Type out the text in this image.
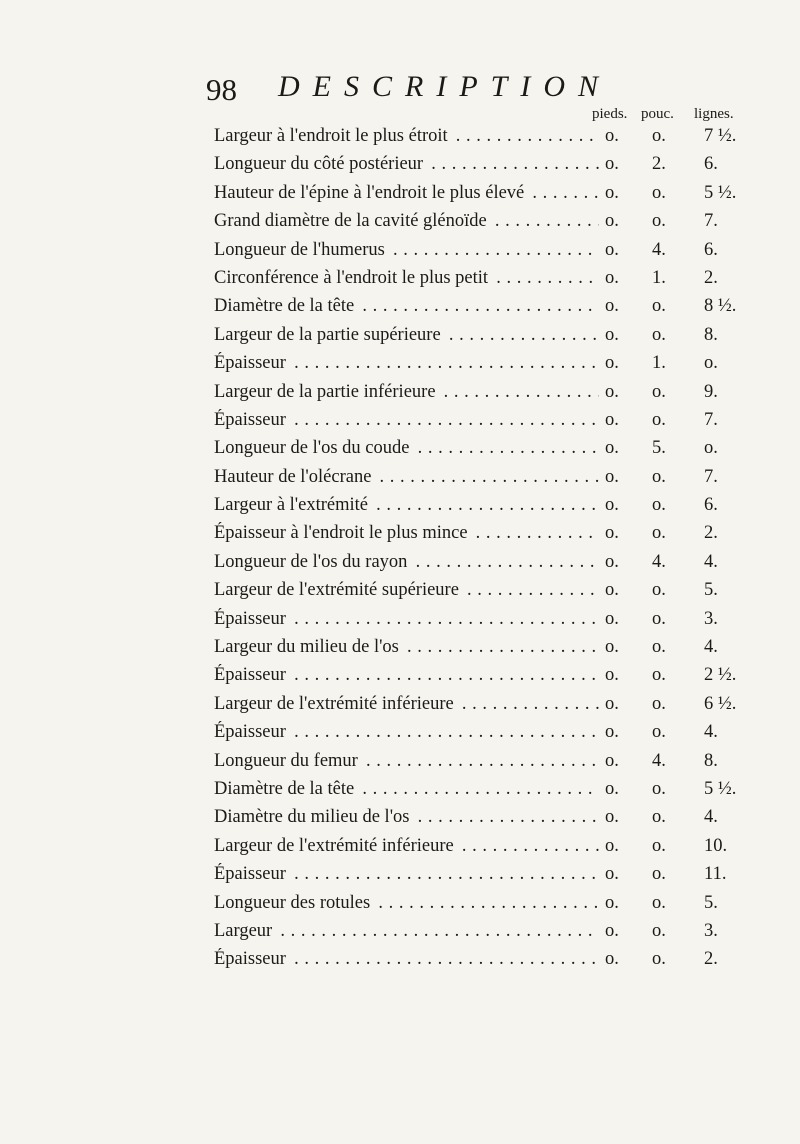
98 DESCRIPTION
pieds. pouc. lignes.
Largeur à l'endroit le plus étroit . . .	o. o. 7 ½.
Longueur du côté postérieur . . .	o. 2. 6.
Hauteur de l'épine à l'endroit le plus élevé . . .	o. o. 5 ½.
Grand diamètre de la cavité glénoïde . . .	o. o. 7.
Longueur de l'humerus . . .	o. 4. 6.
Circonférence à l'endroit le plus petit . . .	o. 1. 2.
Diamètre de la tête . . .	o. o. 8 ½.
Largeur de la partie supérieure . . .	o. o. 8.
Épaisseur . . .	o. 1. o.
Largeur de la partie inférieure . . .	o. o. 9.
Épaisseur . . .	o. o. 7.
Longueur de l'os du coude . . .	o. 5. o.
Hauteur de l'olécrane . . .	o. o. 7.
Largeur à l'extrémité . . .	o. o. 6.
Épaisseur à l'endroit le plus mince . . .	o. o. 2.
Longueur de l'os du rayon . . .	o. 4. 4.
Largeur de l'extrémité supérieure . . .	o. o. 5.
Épaisseur . . .	o. o. 3.
Largeur du milieu de l'os . . .	o. o. 4.
Épaisseur . . .	o. o. 2 ½.
Largeur de l'extrémité inférieure . . .	o. o. 6 ½.
Épaisseur . . .	o. o. 4.
Longueur du femur . . .	o. 4. 8.
Diamètre de la tête . . .	o. o. 5 ½.
Diamètre du milieu de l'os . . .	o. o. 4.
Largeur de l'extrémité inférieure . . .	o. o. 10.
Épaisseur . . .	o. o. 11.
Longueur des rotules . . .	o. o. 5.
Largeur . . .	o. o. 3.
Épaisseur . . .	o. o. 2.
